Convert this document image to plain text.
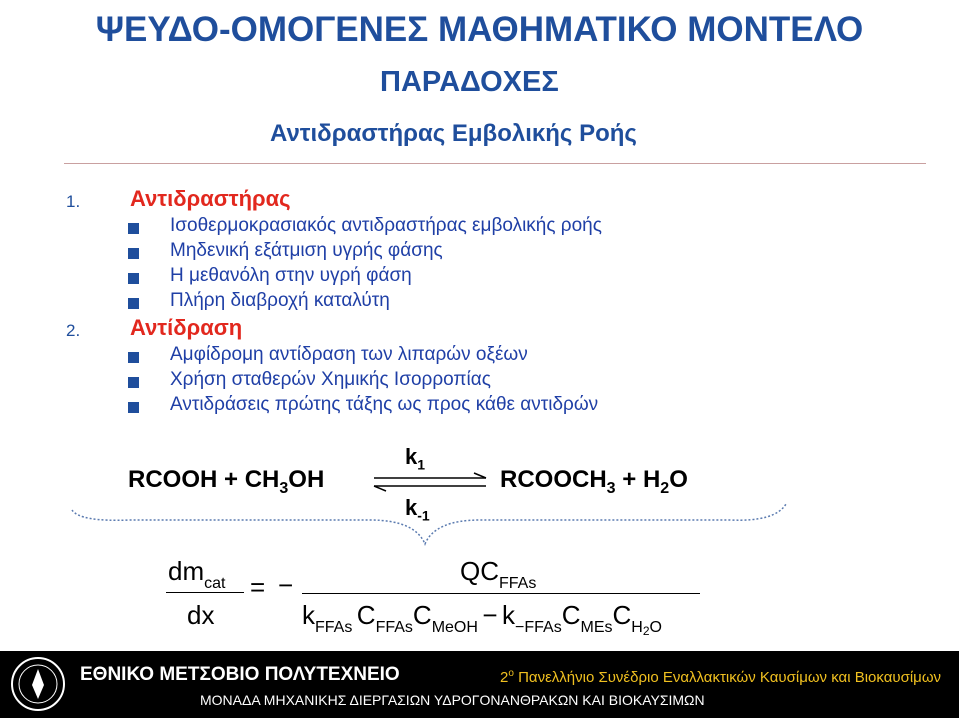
ΨΕΥΔΟ-ΟΜΟΓΕΝΕΣ ΜΑΘΗΜΑΤΙΚΟ ΜΟΝΤΕΛΟ
ΠΑΡΑΔΟΧΕΣ
Αντιδραστήρας Εμβολικής Ροής
1. Αντιδραστήρας
Ισοθερμοκρασιακός αντιδραστήρας εμβολικής ροής
Μηδενική εξάτμιση υγρής φάσης
Η μεθανόλη στην υγρή φάση
Πλήρη διαβροχή καταλύτη
2. Αντίδραση
Αμφίδρομη αντίδραση των λιπαρών οξέων
Χρήση σταθερών Χημικής Ισορροπίας
Αντιδράσεις πρώτης τάξης ως προς κάθε αντιδρών
RCOOH + $CH_3OH$
$k_1$
$k_{-1}$
$RCOOCH_3 + H_2O$
dmcat
dx
= −	QCFFAs
kFFAs CFFAsCMeOH − k−FFAsCMEsCH2O
ΕΘΝΙΚΟ ΜΕΤΣΟΒΙΟ ΠΟΛΥΤΕΧΝΕΙΟ	$2^o$ Πανελλήνιο Συνέδριο Εναλλακτικών Καυσίμων και Βιοκαυσίμων
ΜΟΝΑΔΑ ΜΗΧΑΝΙΚΗΣ ΔΙΕΡΓΑΣΙΩΝ ΥΔΡΟΓΟΝΑΝΘΡΑΚΩΝ ΚΑΙ ΒΙΟΚΑΥΣΙΜΩΝ
